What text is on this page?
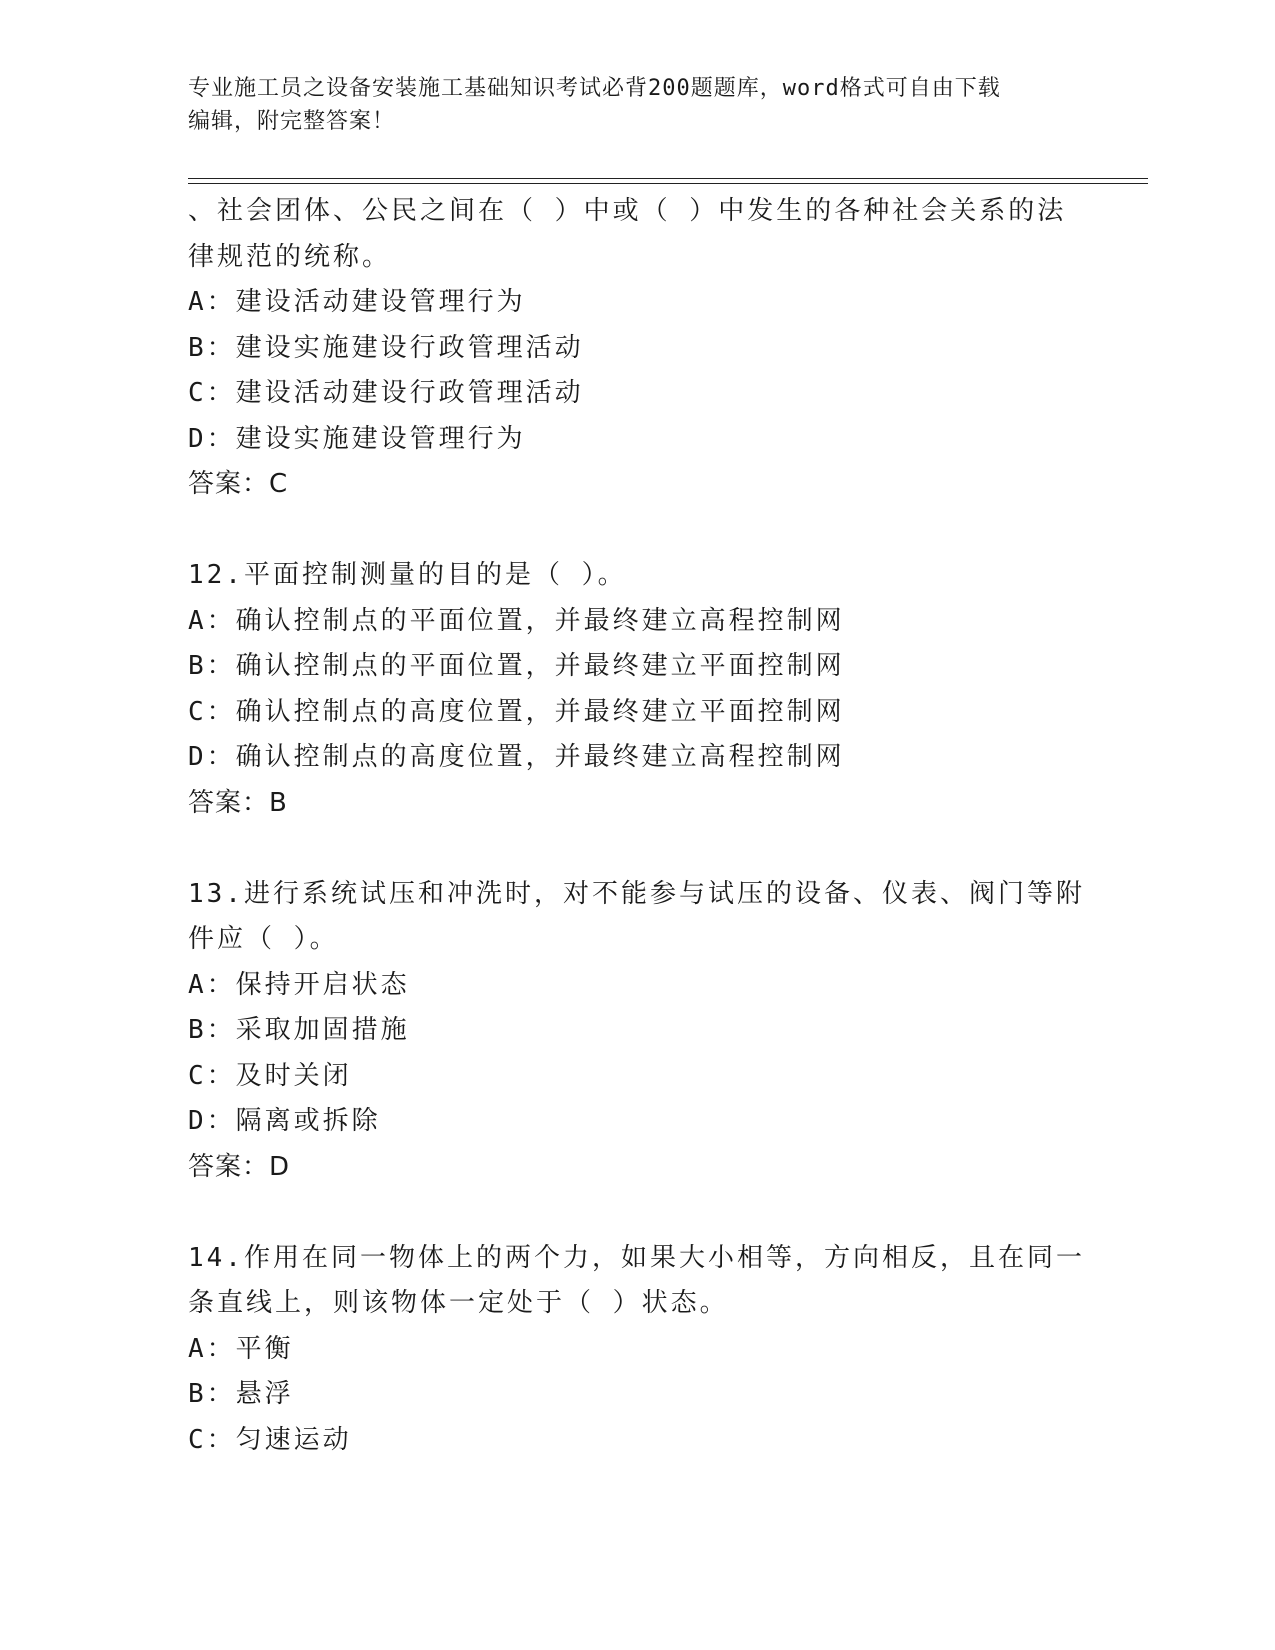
专业施工员之设备安装施工基础知识考试必背200题题库，word格式可自由下载
编辑，附完整答案！
、社会团体、公民之间在（ ）中或（ ）中发生的各种社会关系的法
律规范的统称。
A：建设活动建设管理行为
B：建设实施建设行政管理活动
C：建设活动建设行政管理活动
D：建设实施建设管理行为
答案：C
12.平面控制测量的目的是（ ）。
A：确认控制点的平面位置，并最终建立高程控制网
B：确认控制点的平面位置，并最终建立平面控制网
C：确认控制点的高度位置，并最终建立平面控制网
D：确认控制点的高度位置，并最终建立高程控制网
答案：B
13.进行系统试压和冲洗时，对不能参与试压的设备、仪表、阀门等附
件应（ ）。
A：保持开启状态
B：采取加固措施
C：及时关闭
D：隔离或拆除
答案：D
14.作用在同一物体上的两个力，如果大小相等，方向相反，且在同一
条直线上，则该物体一定处于（ ）状态。
A：平衡
B：悬浮
C：匀速运动
